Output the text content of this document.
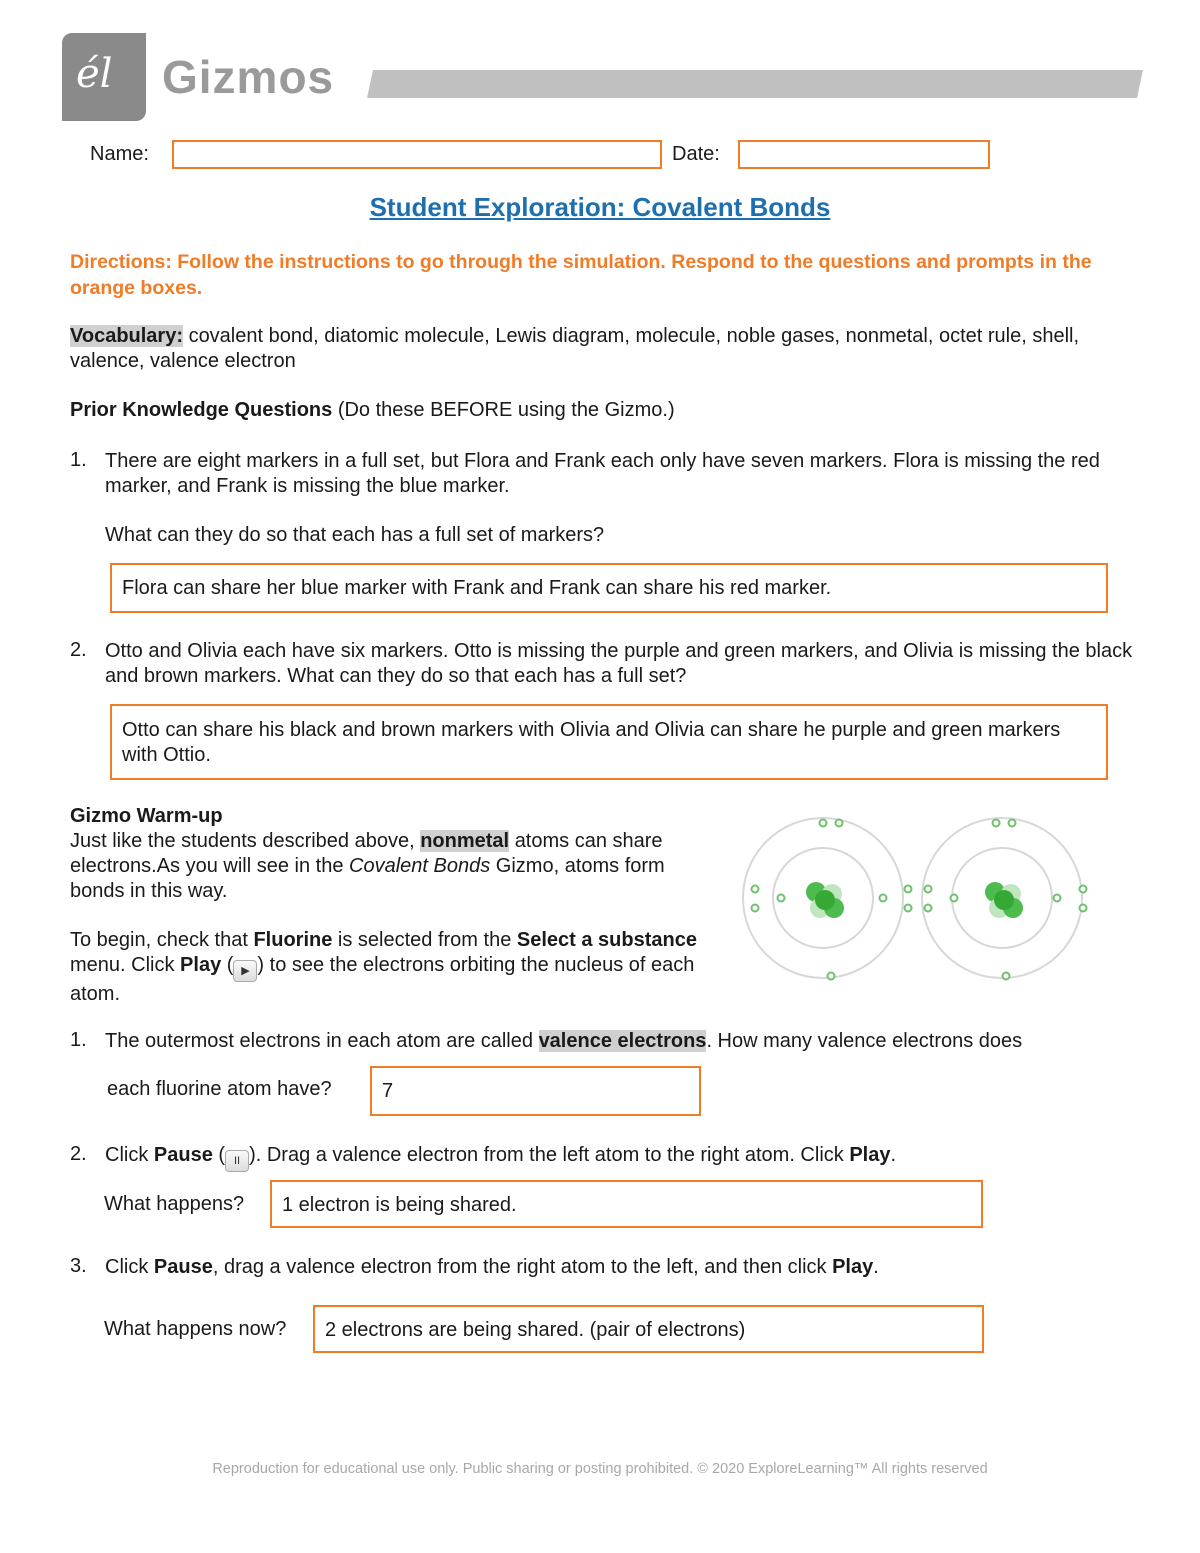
él Gizmos
Name:	Date:
Student Exploration: Covalent Bonds
Directions: Follow the instructions to go through the simulation. Respond to the questions and prompts in the orange boxes.
Vocabulary: covalent bond, diatomic molecule, Lewis diagram, molecule, noble gases, nonmetal, octet rule, shell, valence, valence electron
Prior Knowledge Questions (Do these BEFORE using the Gizmo.)
1. There are eight markers in a full set, but Flora and Frank each only have seven markers. Flora is missing the red marker, and Frank is missing the blue marker.
What can they do so that each has a full set of markers?
Flora can share her blue marker with Frank and Frank can share his red marker.
2. Otto and Olivia each have six markers. Otto is missing the purple and green markers, and Olivia is missing the black and brown markers. What can they do so that each has a full set?
Otto can share his black and brown markers with Olivia and Olivia can share he purple and green markers with Ottio.
Gizmo Warm-up
Just like the students described above, nonmetal atoms can share electrons.As you will see in the Covalent Bonds Gizmo, atoms form bonds in this way.
To begin, check that Fluorine is selected from the Select a substance menu. Click Play ( ▶ ) to see the electrons orbiting the nucleus of each atom.
1. The outermost electrons in each atom are called valence electrons. How many valence electrons does
each fluorine atom have?	7
2. Click Pause ( II ). Drag a valence electron from the left atom to the right atom. Click Play.
What happens?	1 electron is being shared.
3. Click Pause, drag a valence electron from the right atom to the left, and then click Play.
What happens now?	2 electrons are being shared. (pair of electrons)
Reproduction for educational use only. Public sharing or posting prohibited. © 2020 ExploreLearning™ All rights reserved
